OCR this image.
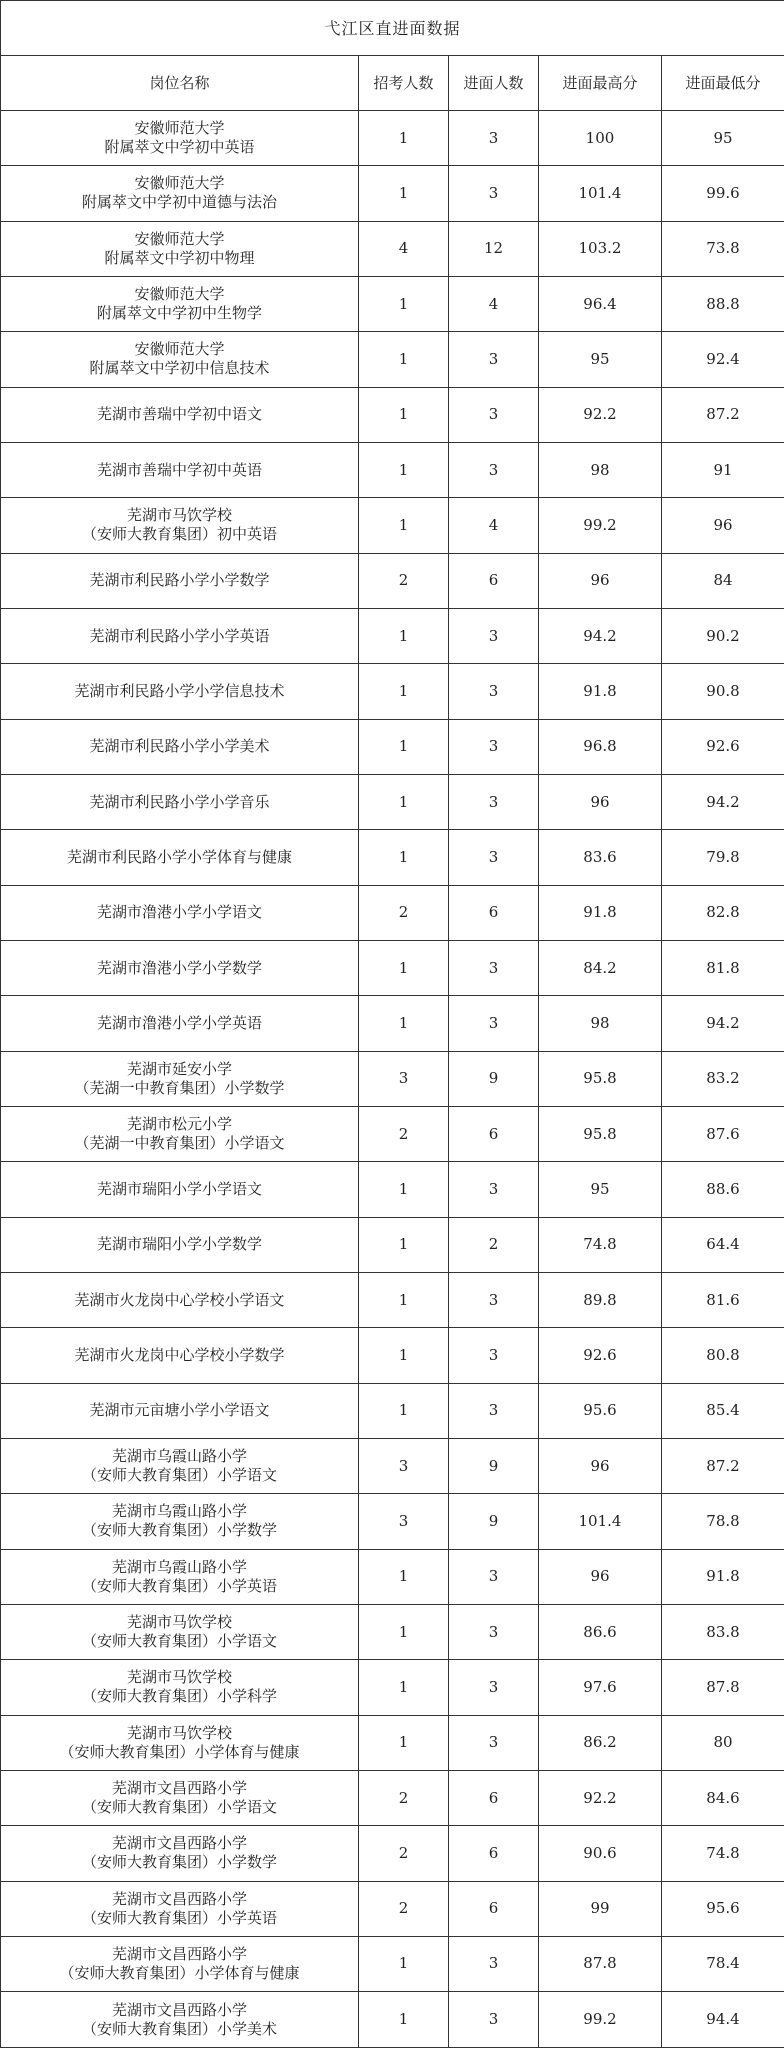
弋江区直进面数据				
岗位名称	招考人数	进面人数	进面最高分	进面最低分
安徽师范大学
附属萃文中学初中英语	1	3	100	95
安徽师范大学
附属萃文中学初中道德与法治	1	3	101.4	99.6
安徽师范大学
附属萃文中学初中物理	4	12	103.2	73.8
安徽师范大学
附属萃文中学初中生物学	1	4	96.4	88.8
安徽师范大学
附属萃文中学初中信息技术	1	3	95	92.4
芜湖市善瑞中学初中语文	1	3	92.2	87.2
芜湖市善瑞中学初中英语	1	3	98	91
芜湖市马饮学校
（安师大教育集团）初中英语	1	4	99.2	96
芜湖市利民路小学小学数学	2	6	96	84
芜湖市利民路小学小学英语	1	3	94.2	90.2
芜湖市利民路小学小学信息技术	1	3	91.8	90.8
芜湖市利民路小学小学美术	1	3	96.8	92.6
芜湖市利民路小学小学音乐	1	3	96	94.2
芜湖市利民路小学小学体育与健康	1	3	83.6	79.8
芜湖市澛港小学小学语文	2	6	91.8	82.8
芜湖市澛港小学小学数学	1	3	84.2	81.8
芜湖市澛港小学小学英语	1	3	98	94.2
芜湖市延安小学
（芜湖一中教育集团）小学数学	3	9	95.8	83.2
芜湖市松元小学
（芜湖一中教育集团）小学语文	2	6	95.8	87.6
芜湖市瑞阳小学小学语文	1	3	95	88.6
芜湖市瑞阳小学小学数学	1	2	74.8	64.4
芜湖市火龙岗中心学校小学语文	1	3	89.8	81.6
芜湖市火龙岗中心学校小学数学	1	3	92.6	80.8
芜湖市元亩塘小学小学语文	1	3	95.6	85.4
芜湖市乌霞山路小学
（安师大教育集团）小学语文	3	9	96	87.2
芜湖市乌霞山路小学
（安师大教育集团）小学数学	3	9	101.4	78.8
芜湖市乌霞山路小学
（安师大教育集团）小学英语	1	3	96	91.8
芜湖市马饮学校
（安师大教育集团）小学语文	1	3	86.6	83.8
芜湖市马饮学校
（安师大教育集团）小学科学	1	3	97.6	87.8
芜湖市马饮学校
（安师大教育集团）小学体育与健康	1	3	86.2	80
芜湖市文昌西路小学
（安师大教育集团）小学语文	2	6	92.2	84.6
芜湖市文昌西路小学
（安师大教育集团）小学数学	2	6	90.6	74.8
芜湖市文昌西路小学
（安师大教育集团）小学英语	2	6	99	95.6
芜湖市文昌西路小学
（安师大教育集团）小学体育与健康	1	3	87.8	78.4
芜湖市文昌西路小学
（安师大教育集团）小学美术	1	3	99.2	94.4
